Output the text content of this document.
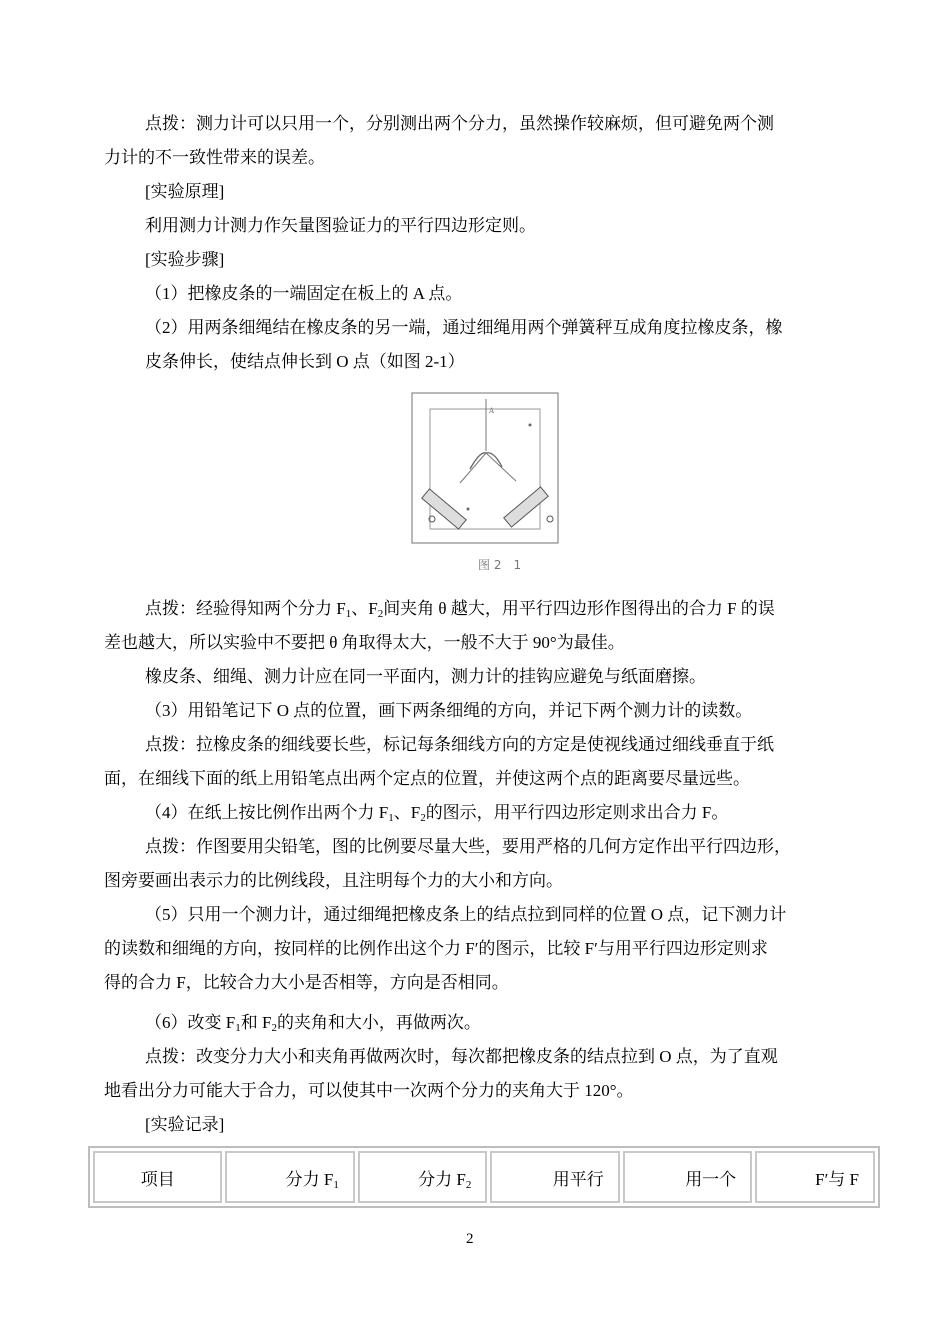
点拨：测力计可以只用一个，分别测出两个分力，虽然操作较麻烦，但可避免两个测
力计的不一致性带来的误差。
[实验原理]
利用测力计测力作矢量图验证力的平行四边形定则。
[实验步骤]
（1）把橡皮条的一端固定在板上的 A 点。
（2）用两条细绳结在橡皮条的另一端，通过细绳用两个弹簧秤互成角度拉橡皮条，橡
皮条伸长，使结点伸长到 O 点（如图 2-1）
A
图 2　1
点拨：经验得知两个分力 $F_1$、$F_2$间夹角 θ 越大，用平行四边形作图得出的合力 F 的误
差也越大，所以实验中不要把 θ 角取得太大，一般不大于 90°为最佳。
橡皮条、细绳、测力计应在同一平面内，测力计的挂钩应避免与纸面磨擦。
（3）用铅笔记下 O 点的位置，画下两条细绳的方向，并记下两个测力计的读数。
点拨：拉橡皮条的细线要长些，标记每条细线方向的方定是使视线通过细线垂直于纸
面，在细线下面的纸上用铅笔点出两个定点的位置，并使这两个点的距离要尽量远些。
（4）在纸上按比例作出两个力 $F_1$、$F_2$的图示，用平行四边形定则求出合力 F。
点拨：作图要用尖铅笔，图的比例要尽量大些，要用严格的几何方定作出平行四边形，
图旁要画出表示力的比例线段，且注明每个力的大小和方向。
（5）只用一个测力计，通过细绳把橡皮条上的结点拉到同样的位置 O 点，记下测力计
的读数和细绳的方向，按同样的比例作出这个力 F′的图示，比较 F′与用平行四边形定则求
得的合力 F，比较合力大小是否相等，方向是否相同。
（6）改变 $F_1$和 $F_2$的夹角和大小，再做两次。
点拨：改变分力大小和夹角再做两次时，每次都把橡皮条的结点拉到 O 点，为了直观
地看出分力可能大于合力，可以使其中一次两个分力的夹角大于 120°。
[实验记录]
项目	分力 $F_1$	分力 $F_2$	用平行	用一个	F′与 F
2
